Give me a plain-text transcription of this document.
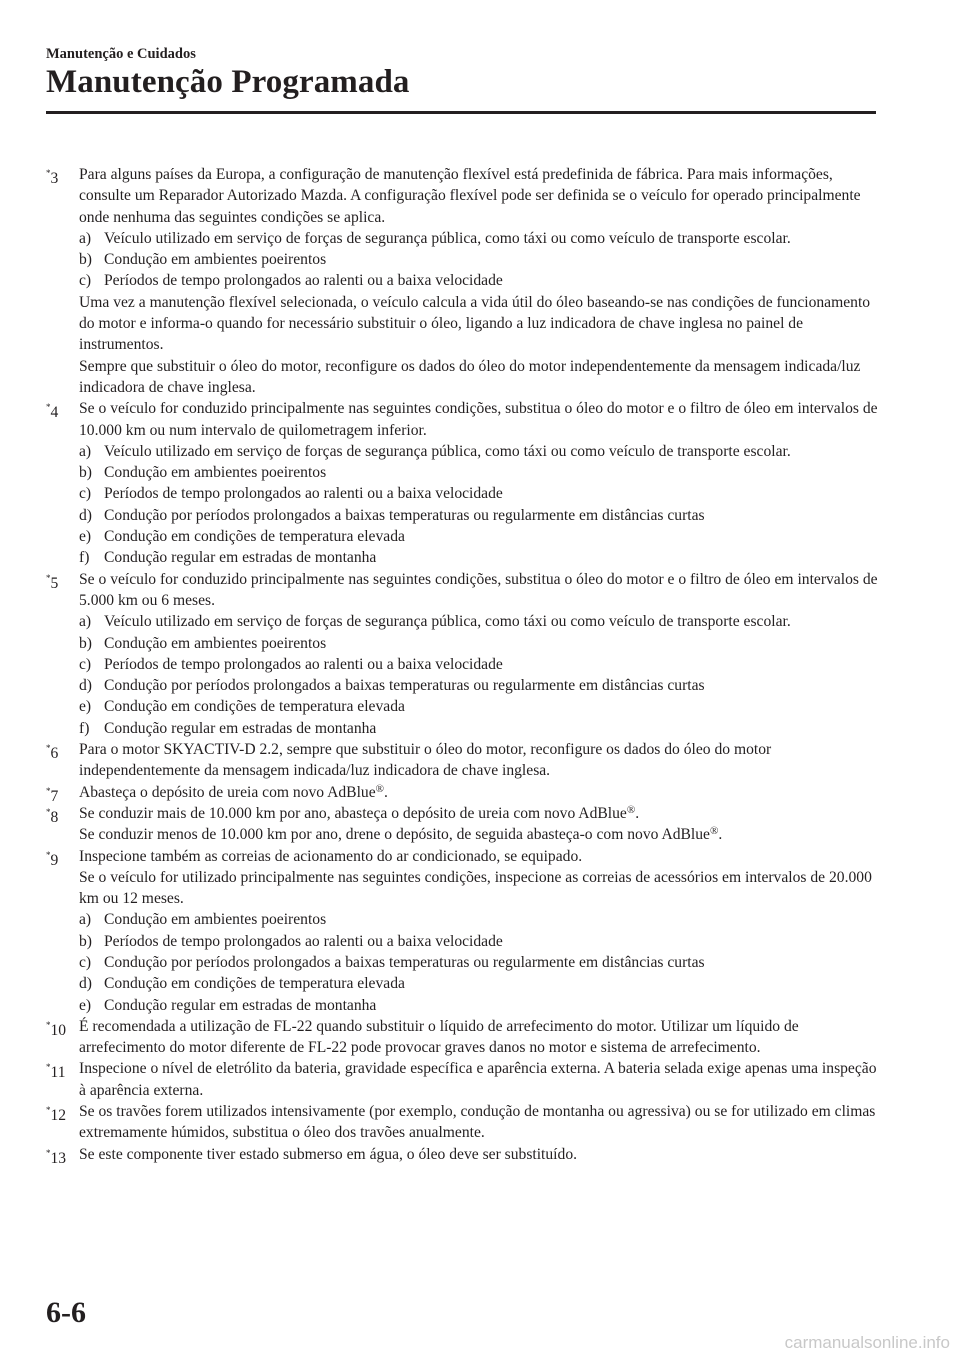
Manutenção e Cuidados
Manutenção Programada
*3 Para alguns países da Europa, a configuração de manutenção flexível está predefinida de fábrica. Para mais informações, consulte um Reparador Autorizado Mazda. A configuração flexível pode ser definida se o veículo for operado principalmente onde nenhuma das seguintes condições se aplica.
a) Veículo utilizado em serviço de forças de segurança pública, como táxi ou como veículo de transporte escolar.
b) Condução em ambientes poeirentos
c) Períodos de tempo prolongados ao ralenti ou a baixa velocidade
Uma vez a manutenção flexível selecionada, o veículo calcula a vida útil do óleo baseando-se nas condições de funcionamento do motor e informa-o quando for necessário substituir o óleo, ligando a luz indicadora de chave inglesa no painel de instrumentos.
Sempre que substituir o óleo do motor, reconfigure os dados do óleo do motor independentemente da mensagem indicada/luz indicadora de chave inglesa.
*4 Se o veículo for conduzido principalmente nas seguintes condições, substitua o óleo do motor e o filtro de óleo em intervalos de 10.000 km ou num intervalo de quilometragem inferior.
a) Veículo utilizado em serviço de forças de segurança pública, como táxi ou como veículo de transporte escolar.
b) Condução em ambientes poeirentos
c) Períodos de tempo prolongados ao ralenti ou a baixa velocidade
d) Condução por períodos prolongados a baixas temperaturas ou regularmente em distâncias curtas
e) Condução em condições de temperatura elevada
f) Condução regular em estradas de montanha
*5 Se o veículo for conduzido principalmente nas seguintes condições, substitua o óleo do motor e o filtro de óleo em intervalos de 5.000 km ou 6 meses.
a) Veículo utilizado em serviço de forças de segurança pública, como táxi ou como veículo de transporte escolar.
b) Condução em ambientes poeirentos
c) Períodos de tempo prolongados ao ralenti ou a baixa velocidade
d) Condução por períodos prolongados a baixas temperaturas ou regularmente em distâncias curtas
e) Condução em condições de temperatura elevada
f) Condução regular em estradas de montanha
*6 Para o motor SKYACTIV-D 2.2, sempre que substituir o óleo do motor, reconfigure os dados do óleo do motor independentemente da mensagem indicada/luz indicadora de chave inglesa.
*7 Abasteça o depósito de ureia com novo AdBlue®.
*8 Se conduzir mais de 10.000 km por ano, abasteça o depósito de ureia com novo AdBlue®.
Se conduzir menos de 10.000 km por ano, drene o depósito, de seguida abasteça-o com novo AdBlue®.
*9 Inspecione também as correias de acionamento do ar condicionado, se equipado.
Se o veículo for utilizado principalmente nas seguintes condições, inspecione as correias de acessórios em intervalos de 20.000 km ou 12 meses.
a) Condução em ambientes poeirentos
b) Períodos de tempo prolongados ao ralenti ou a baixa velocidade
c) Condução por períodos prolongados a baixas temperaturas ou regularmente em distâncias curtas
d) Condução em condições de temperatura elevada
e) Condução regular em estradas de montanha
*10 É recomendada a utilização de FL-22 quando substituir o líquido de arrefecimento do motor. Utilizar um líquido de arrefecimento do motor diferente de FL-22 pode provocar graves danos no motor e sistema de arrefecimento.
*11 Inspecione o nível de eletrólito da bateria, gravidade específica e aparência externa. A bateria selada exige apenas uma inspeção à aparência externa.
*12 Se os travões forem utilizados intensivamente (por exemplo, condução de montanha ou agressiva) ou se for utilizado em climas extremamente húmidos, substitua o óleo dos travões anualmente.
*13 Se este componente tiver estado submerso em água, o óleo deve ser substituído.
6-6
carmanualsonline.info
